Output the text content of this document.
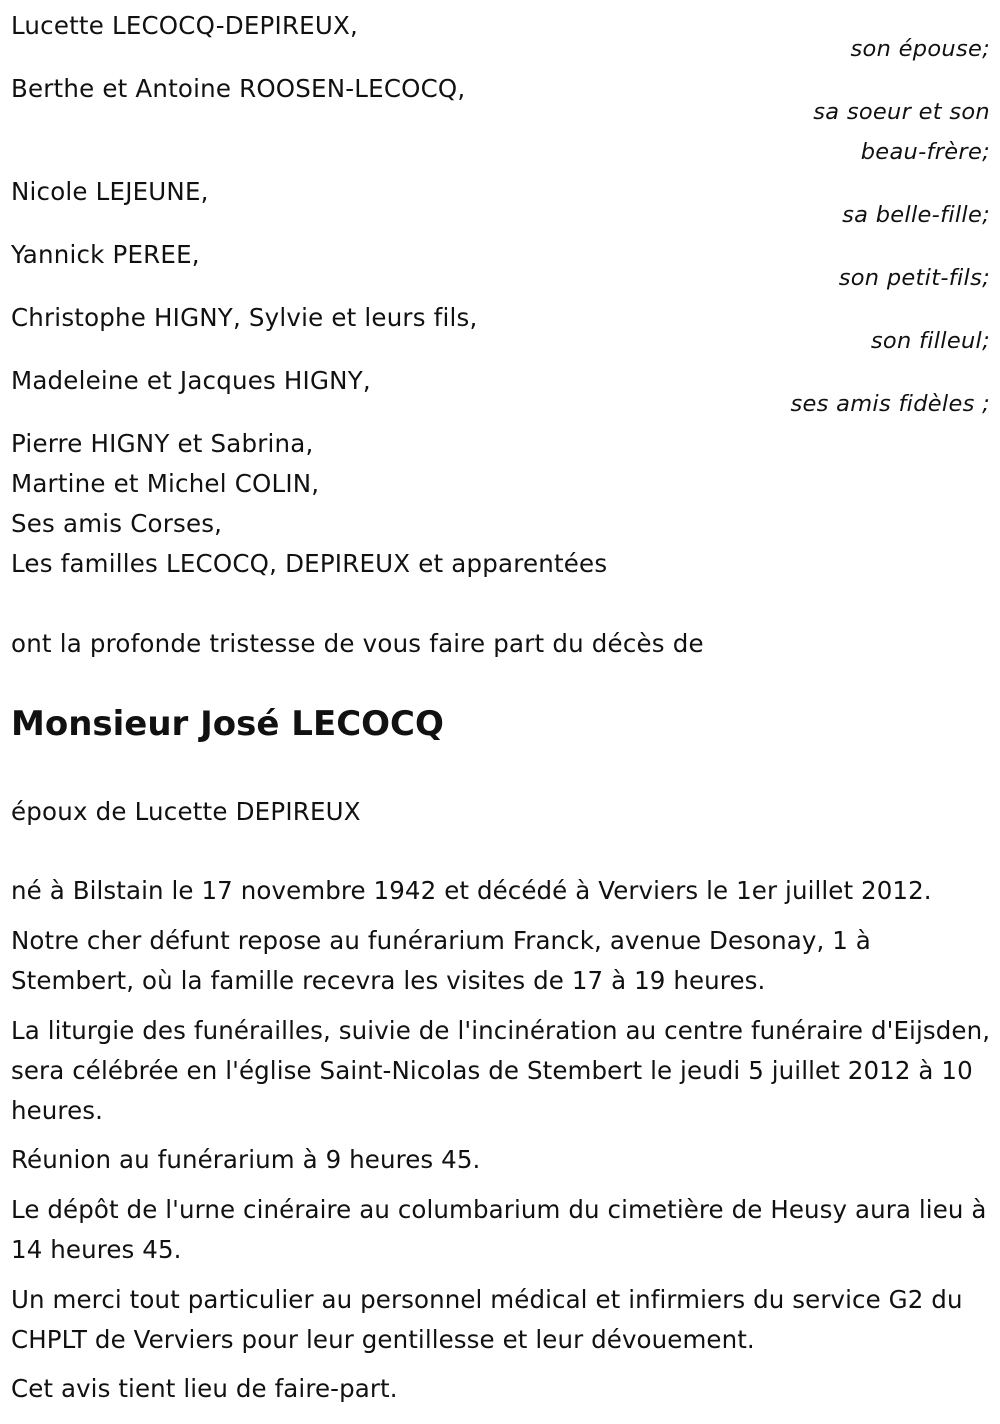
Lucette LECOCQ-DEPIREUX,

son épouse;

Berthe et Antoine ROOSEN-LECOCQ,

sa soeur et son beau-frère;

Nicole LEJEUNE,

sa belle-fille;

Yannick PEREE,

son petit-fils;

Christophe HIGNY, Sylvie et leurs fils,

son filleul;

Madeleine et Jacques HIGNY,

ses amis fidèles ;

Pierre HIGNY et Sabrina,

Martine et Michel COLIN,

Ses amis Corses,

Les familles LECOCQ, DEPIREUX et apparentées

ont la profonde tristesse de vous faire part du décès de

Monsieur José LECOCQ

époux de Lucette DEPIREUX

né à Bilstain le 17 novembre 1942 et décédé à Verviers le 1er juillet 2012.

Notre cher défunt repose au funérarium Franck, avenue Desonay, 1 à Stembert, où la famille recevra les visites de 17 à 19 heures.

La liturgie des funérailles, suivie de l'incinération au centre funéraire d'Eijsden, sera célébrée en l'église Saint-Nicolas de Stembert le jeudi 5 juillet 2012 à 10 heures.

Réunion au funérarium à 9 heures 45.

Le dépôt de l'urne cinéraire au columbarium du cimetière de Heusy aura lieu à 14 heures 45.

Un merci tout particulier au personnel médical et infirmiers du service G2 du CHPLT de Verviers pour leur gentillesse et leur dévouement.

Cet avis tient lieu de faire-part.
